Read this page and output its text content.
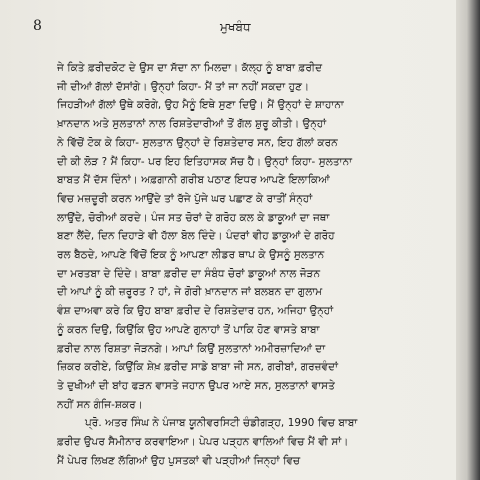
8	ਮੁਖਬੰਧ
ਜੇ ਕਿਤੇ ਫ਼ਰੀਦਕੋਟ ਦੇ ਉਸ ਦਾ ਸੱਦਾ ਨਾ ਮਿਲਦਾ। ਕੱਲ੍ਹ ਨੂੰ ਬਾਬਾ ਫ਼ਰੀਦ
ਜੀ ਦੀਆਂ ਗੱਲਾਂ ਦੱਸਾਂਗੇ। ਉਨ੍ਹਾਂ ਕਿਹਾ- ਮੈਂ ਤਾਂ ਜਾ ਨਹੀਂ ਸਕਦਾ ਹੁਣ।
ਜਿਹੜੀਆਂ ਗੱਲਾਂ ਉਥੇ ਕਰੋਗੇ, ਉਹ ਮੈਨੂੰ ਇਥੇ ਸੁਣਾ ਦਿਉ। ਮੈਂ ਉਨ੍ਹਾਂ ਦੇ ਸ਼ਾਹਾਨਾ
ਖ਼ਾਨਦਾਨ ਅਤੇ ਸੁਲਤਾਨਾਂ ਨਾਲ ਰਿਸ਼ਤੇਦਾਰੀਆਂ ਤੋਂ ਗੱਲ ਸ਼ੁਰੂ ਕੀਤੀ। ਉਨ੍ਹਾਂ
ਨੇ ਵਿੱਚੋਂ ਟੋਕ ਕੇ ਕਿਹਾ- ਸੁਲਤਾਨ ਉਨ੍ਹਾਂ ਦੇ ਰਿਸ਼ਤੇਦਾਰ ਸਨ, ਇਹ ਗੱਲਾਂ ਕਰਨ
ਦੀ ਕੀ ਲੋੜ ? ਮੈਂ ਕਿਹਾ- ਪਰ ਇਹ ਇਤਿਹਾਸਕ ਸੱਚ ਹੈ। ਉਨ੍ਹਾਂ ਕਿਹਾ- ਸੁਲਤਾਨਾ
ਬਾਬਤ ਮੈਂ ਦੱਸ ਦਿੰਨਾਂ। ਅਫ਼ਗਾਨੀ ਗਰੀਬ ਪਠਾਣ ਇਧਰ ਆਪਣੇ ਇਲਾਕਿਆਂ
ਵਿਚ ਮਜ਼ਦੂਰੀ ਕਰਨ ਆਉਂਦੇ ਤਾਂ ਰੱਜੇ ਪੁੱਜੇ ਘਰ ਪਛਾਣ ਕੇ ਰਾਤੀਂ ਸੰਨ੍ਹਾਂ
ਲਾਉਂਦੇ, ਚੋਰੀਆਂ ਕਰਦੇ। ਪੰਜ ਸਤ ਚੋਰਾਂ ਦੇ ਗਰੋਹ ਕਲ ਕੇ ਡਾਕੂਆਂ ਦਾ ਜਥਾ
ਬਣਾ ਲੈਂਦੇ, ਦਿਨ ਦਿਹਾੜੇ ਵੀ ਹੱਲਾ ਬੋਲ ਦਿੰਦੇ। ਪੰਦਰਾਂ ਵੀਹ ਡਾਕੂਆਂ ਦੇ ਗਰੋਹ
ਰਲ ਬੈਠਦੇ, ਆਪਣੇ ਵਿੱਚੋਂ ਇਕ ਨੂੰ ਆਪਣਾ ਲੀਡਰ ਥਾਪ ਕੇ ਉਸਨੂੰ ਸੁਲਤਾਨ
ਦਾ ਮਰਤਬਾ ਦੇ ਦਿੰਦੇ। ਬਾਬਾ ਫ਼ਰੀਦ ਦਾ ਸੰਬੰਧ ਚੋਰਾਂ ਡਾਕੂਆਂ ਨਾਲ ਜੋੜਨ
ਦੀ ਆਪਾਂ ਨੂੰ ਕੀ ਜ਼ਰੂਰਤ ? ਹਾਂ, ਜੇ ਗੋਰੀ ਖ਼ਾਨਦਾਨ ਜਾਂ ਬਲਬਨ ਦਾ ਗੁਲਾਮ
ਵੰਸ਼ ਦਾਅਵਾ ਕਰੇ ਕਿ ਉਹ ਬਾਬਾ ਫ਼ਰੀਦ ਦੇ ਰਿਸ਼ਤੇਦਾਰ ਹਨ, ਅਜਿਹਾ ਉਨ੍ਹਾਂ
ਨੂੰ ਕਰਨ ਦਿਉ, ਕਿਉਂਕਿ ਉਹ ਆਪਣੇ ਗੁਨਾਹਾਂ ਤੋਂ ਪਾਕਿ ਹੋਣ ਵਾਸਤੇ ਬਾਬਾ
ਫ਼ਰੀਦ ਨਾਲ ਰਿਸ਼ਤਾ ਜੋੜਨਗੇ। ਆਪਾਂ ਕਿਉਂ ਸੁਲਤਾਨਾਂ ਅਮੀਰਜ਼ਾਦਿਆਂ ਦਾ
ਜ਼ਿਕਰ ਕਰੀਏ, ਕਿਉਂਕਿ ਸ਼ੇਖ਼ ਫ਼ਰੀਦ ਸਾਡੇ ਬਾਬਾ ਜੀ ਸਨ, ਗਰੀਬਾਂ, ਗਰਜ਼ਵੰਦਾਂ
ਤੇ ਦੁਖੀਆਂ ਦੀ ਬਾਂਹ ਫੜਨ ਵਾਸਤੇ ਜਹਾਨ ਉਪਰ ਆਏ ਸਨ, ਸੁਲਤਾਨਾਂ ਵਾਸਤੇ
ਨਹੀਂ ਸਨ ਗੰਜਿ-ਸ਼ਕਰ।
ਪ੍ਰੋ. ਅਤਰ ਸਿੰਘ ਨੇ ਪੰਜਾਬ ਯੂਨੀਵਰਸਿਟੀ ਚੰਡੀਗੜ੍ਹ, 1990 ਵਿਚ ਬਾਬਾ
ਫ਼ਰੀਦ ਉਪਰ ਸੈਮੀਨਾਰ ਕਰਵਾਇਆ। ਪੇਪਰ ਪੜ੍ਹਨ ਵਾਲਿਆਂ ਵਿਚ ਮੈਂ ਵੀ ਸਾਂ।
ਮੈਂ ਪੇਪਰ ਲਿਖਣ ਲੱਗਿਆਂ ਉਹ ਪੁਸਤਕਾਂ ਵੀ ਪੜ੍ਹੀਆਂ ਜਿਨ੍ਹਾਂ ਵਿਚ
